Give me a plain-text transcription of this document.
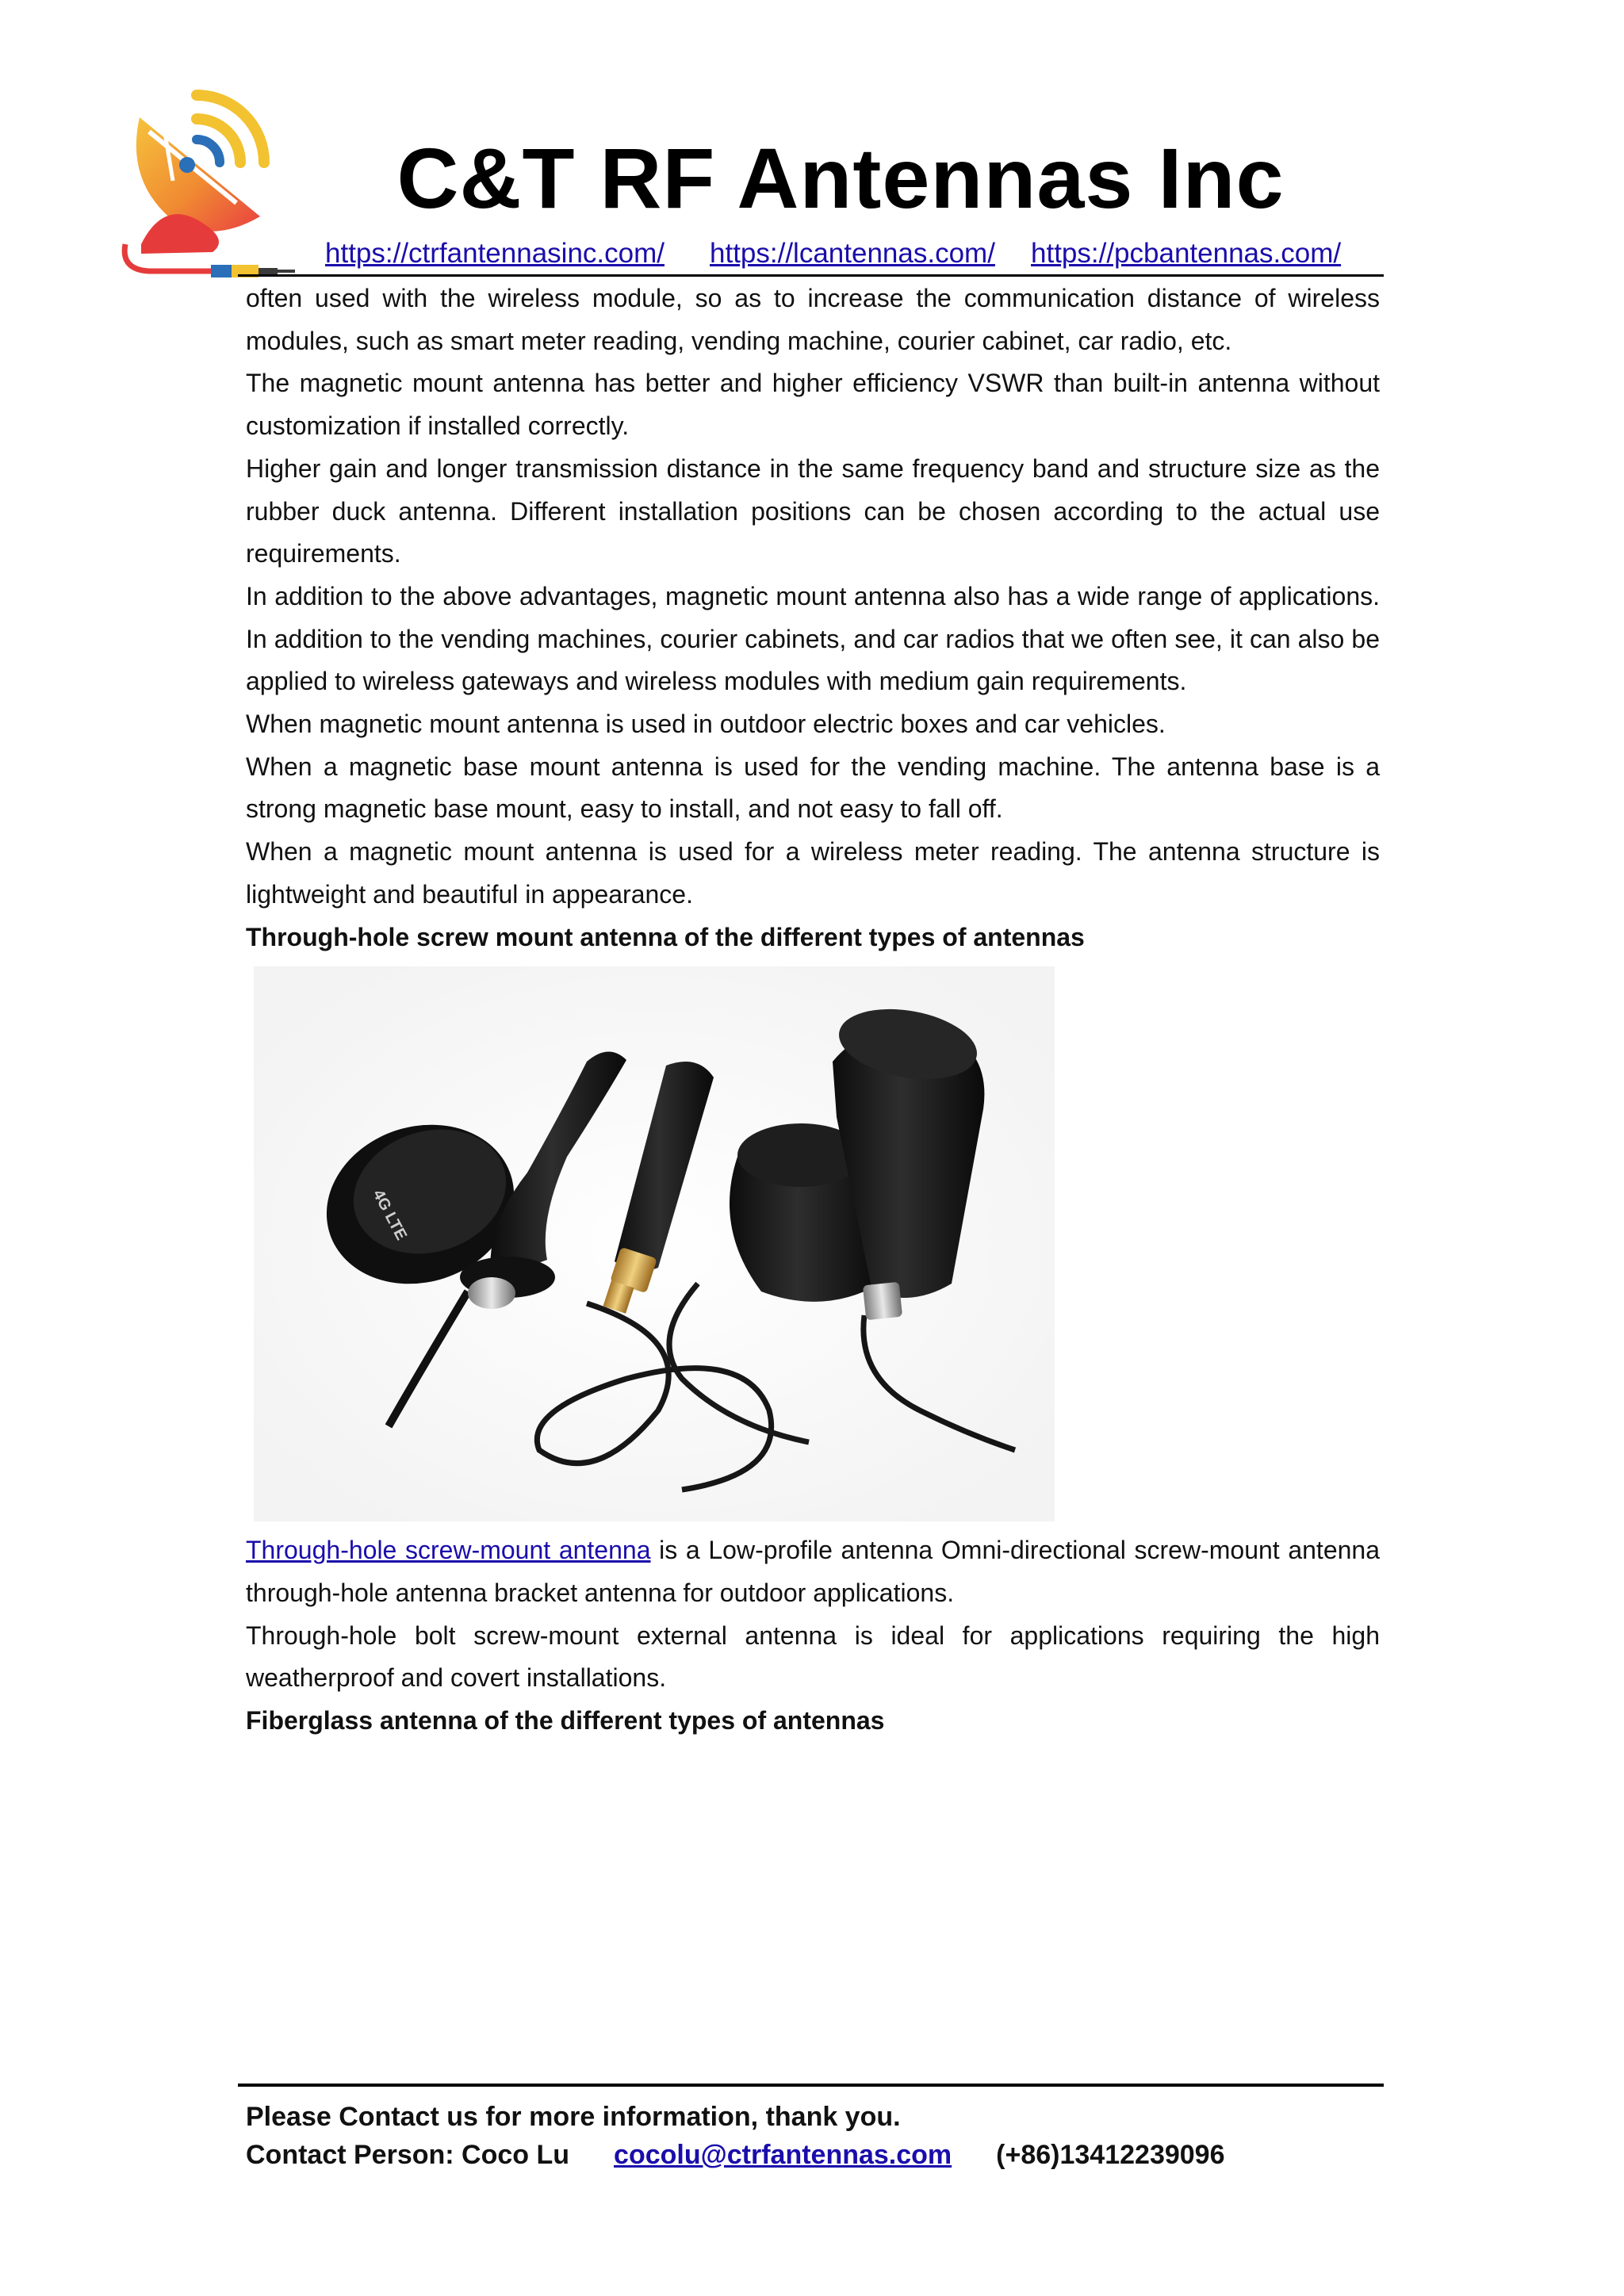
C&T RF Antennas Inc
https://ctrfantennasinc.com/ https://lcantennas.com/ https://pcbantennas.com/

often used with the wireless module, so as to increase the communication distance of wireless modules, such as smart meter reading, vending machine, courier cabinet, car radio, etc.

The magnetic mount antenna has better and higher efficiency VSWR than built-in antenna without customization if installed correctly.

Higher gain and longer transmission distance in the same frequency band and structure size as the rubber duck antenna. Different installation positions can be chosen according to the actual use requirements.

In addition to the above advantages, magnetic mount antenna also has a wide range of applications. In addition to the vending machines, courier cabinets, and car radios that we often see, it can also be applied to wireless gateways and wireless modules with medium gain requirements.

When magnetic mount antenna is used in outdoor electric boxes and car vehicles.

When a magnetic base mount antenna is used for the vending machine. The antenna base is a strong magnetic base mount, easy to install, and not easy to fall off.

When a magnetic mount antenna is used for a wireless meter reading. The antenna structure is lightweight and beautiful in appearance.

Through-hole screw mount antenna of the different types of antennas

4G LTE

Through-hole screw-mount antenna is a Low-profile antenna Omni-directional screw-mount antenna through-hole antenna bracket antenna for outdoor applications.

Through-hole bolt screw-mount external antenna is ideal for applications requiring the high weatherproof and covert installations.

Fiberglass antenna of the different types of antennas

Please Contact us for more information, thank you.

Contact Person: Coco Lu cocolu@ctrfantennas.com (+86)13412239096
